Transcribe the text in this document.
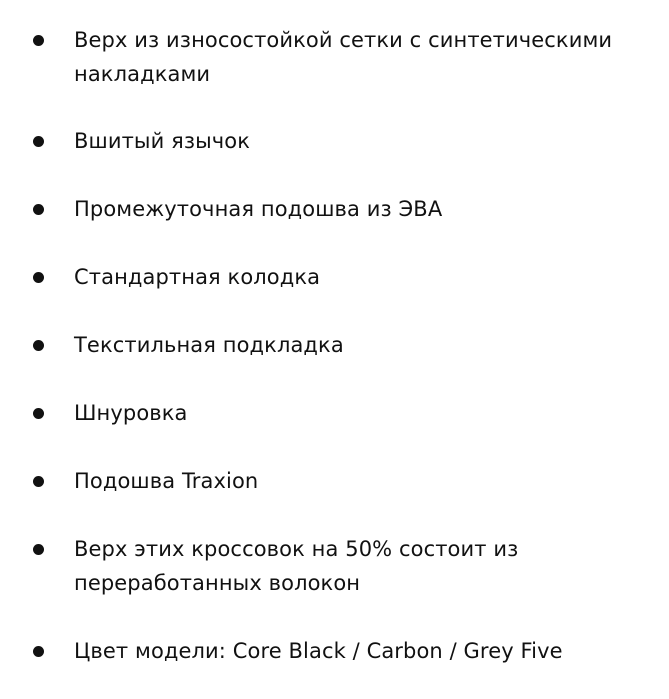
Верх из износостойкой сетки с синтетическими накладками
Вшитый язычок
Промежуточная подошва из ЭВА
Стандартная колодка
Текстильная подкладка
Шнуровка
Подошва Traxion
Верх этих кроссовок на 50% состоит из переработанных волокон
Цвет модели: Core Black / Carbon / Grey Five
